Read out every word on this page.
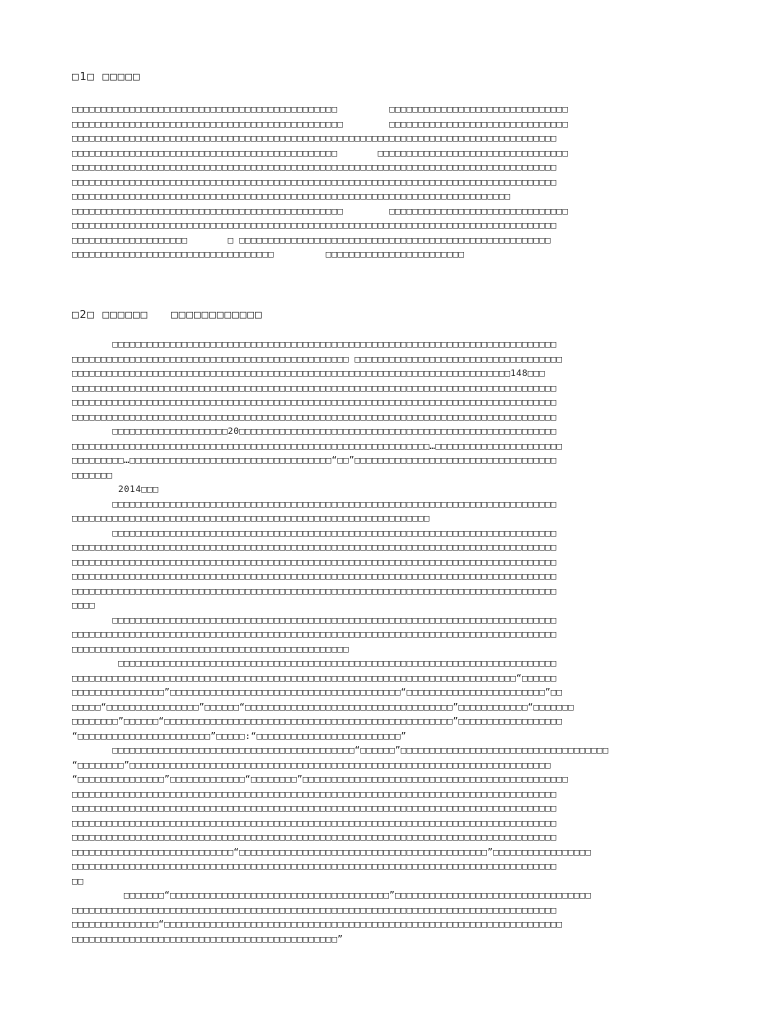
□1□ □□□□□
□□□□□□□□□□□□□□□□□□□□□□□□□□□□□□□□□□□□□□□□□□□□□□         □□□□□□□□□□□□□□□□□□□□□□□□□□□□□□□
□□□□□□□□□□□□□□□□□□□□□□□□□□□□□□□□□□□□□□□□□□□□□□□        □□□□□□□□□□□□□□□□□□□□□□□□□□□□□□□
□□□□□□□□□□□□□□□□□□□□□□□□□□□□□□□□□□□□□□□□□□□□□□□□□□□□□□□□□□□□□□□□□□□□□□□□□□□□□□□□□□□□
□□□□□□□□□□□□□□□□□□□□□□□□□□□□□□□□□□□□□□□□□□□□□□       □□□□□□□□□□□□□□□□□□□□□□□□□□□□□□□□□
□□□□□□□□□□□□□□□□□□□□□□□□□□□□□□□□□□□□□□□□□□□□□□□□□□□□□□□□□□□□□□□□□□□□□□□□□□□□□□□□□□□□
□□□□□□□□□□□□□□□□□□□□□□□□□□□□□□□□□□□□□□□□□□□□□□□□□□□□□□□□□□□□□□□□□□□□□□□□□□□□□□□□□□□□
□□□□□□□□□□□□□□□□□□□□□□□□□□□□□□□□□□□□□□□□□□□□□□□□□□□□□□□□□□□□□□□□□□□□□□□□□□□□
□□□□□□□□□□□□□□□□□□□□□□□□□□□□□□□□□□□□□□□□□□□□□□□        □□□□□□□□□□□□□□□□□□□□□□□□□□□□□□□
□□□□□□□□□□□□□□□□□□□□□□□□□□□□□□□□□□□□□□□□□□□□□□□□□□□□□□□□□□□□□□□□□□□□□□□□□□□□□□□□□□□□
□□□□□□□□□□□□□□□□□□□□       □ □□□□□□□□□□□□□□□□□□□□□□□□□□□□□□□□□□□□□□□□□□□□□□□□□□□□□□
□□□□□□□□□□□□□□□□□□□□□□□□□□□□□□□□□□□         □□□□□□□□□□□□□□□□□□□□□□□□
□2□ □□□□□□   □□□□□□□□□□□□
□□□□□□□□□□□□□□□□□□□□□□□□□□□□□□□□□□□□□□□□□□□□□□□□□□□□□□□□□□□□□□□□□□□□□□□□□□□□□
□□□□□□□□□□□□□□□□□□□□□□□□□□□□□□□□□□□□□□□□□□□□□□□□ □□□□□□□□□□□□□□□□□□□□□□□□□□□□□□□□□□□□
□□□□□□□□□□□□□□□□□□□□□□□□□□□□□□□□□□□□□□□□□□□□□□□□□□□□□□□□□□□□□□□□□□□□□□□□□□□□148□□□
□□□□□□□□□□□□□□□□□□□□□□□□□□□□□□□□□□□□□□□□□□□□□□□□□□□□□□□□□□□□□□□□□□□□□□□□□□□□□□□□□□□□
□□□□□□□□□□□□□□□□□□□□□□□□□□□□□□□□□□□□□□□□□□□□□□□□□□□□□□□□□□□□□□□□□□□□□□□□□□□□□□□□□□□□
□□□□□□□□□□□□□□□□□□□□□□□□□□□□□□□□□□□□□□□□□□□□□□□□□□□□□□□□□□□□□□□□□□□□□□□□□□□□□□□□□□□□
□□□□□□□□□□□□□□□□□□□□20□□□□□□□□□□□□□□□□□□□□□□□□□□□□□□□□□□□□□□□□□□□□□□□□□□□□□□□
□□□□□□□□□□□□□□□□□□□□□□□□□□□□□□□□□□□□□□□□□□□□□□□□□□□□□□□□□□□□□□…□□□□□□□□□□□□□□□□□□□□□□
□□□□□□□□□…□□□□□□□□□□□□□□□□□□□□□□□□□□□□□□□□□□□“□□”□□□□□□□□□□□□□□□□□□□□□□□□□□□□□□□□□□□
□□□□□□□
2014□□□
□□□□□□□□□□□□□□□□□□□□□□□□□□□□□□□□□□□□□□□□□□□□□□□□□□□□□□□□□□□□□□□□□□□□□□□□□□□□□
□□□□□□□□□□□□□□□□□□□□□□□□□□□□□□□□□□□□□□□□□□□□□□□□□□□□□□□□□□□□□□
□□□□□□□□□□□□□□□□□□□□□□□□□□□□□□□□□□□□□□□□□□□□□□□□□□□□□□□□□□□□□□□□□□□□□□□□□□□□□
□□□□□□□□□□□□□□□□□□□□□□□□□□□□□□□□□□□□□□□□□□□□□□□□□□□□□□□□□□□□□□□□□□□□□□□□□□□□□□□□□□□□
□□□□□□□□□□□□□□□□□□□□□□□□□□□□□□□□□□□□□□□□□□□□□□□□□□□□□□□□□□□□□□□□□□□□□□□□□□□□□□□□□□□□
□□□□□□□□□□□□□□□□□□□□□□□□□□□□□□□□□□□□□□□□□□□□□□□□□□□□□□□□□□□□□□□□□□□□□□□□□□□□□□□□□□□□
□□□□□□□□□□□□□□□□□□□□□□□□□□□□□□□□□□□□□□□□□□□□□□□□□□□□□□□□□□□□□□□□□□□□□□□□□□□□□□□□□□□□
□□□□
□□□□□□□□□□□□□□□□□□□□□□□□□□□□□□□□□□□□□□□□□□□□□□□□□□□□□□□□□□□□□□□□□□□□□□□□□□□□□
□□□□□□□□□□□□□□□□□□□□□□□□□□□□□□□□□□□□□□□□□□□□□□□□□□□□□□□□□□□□□□□□□□□□□□□□□□□□□□□□□□□□
□□□□□□□□□□□□□□□□□□□□□□□□□□□□□□□□□□□□□□□□□□□□□□□□
□□□□□□□□□□□□□□□□□□□□□□□□□□□□□□□□□□□□□□□□□□□□□□□□□□□□□□□□□□□□□□□□□□□□□□□□□□□□
□□□□□□□□□□□□□□□□□□□□□□□□□□□□□□□□□□□□□□□□□□□□□□□□□□□□□□□□□□□□□□□□□□□□□□□□□□□□□“□□□□□□
□□□□□□□□□□□□□□□□”□□□□□□□□□□□□□□□□□□□□□□□□□□□□□□□□□□□□□□□□“□□□□□□□□□□□□□□□□□□□□□□□□”□□
□□□□□“□□□□□□□□□□□□□□□□”□□□□□□“□□□□□□□□□□□□□□□□□□□□□□□□□□□□□□□□□□□□”□□□□□□□□□□□□“□□□□□□□
□□□□□□□□”□□□□□□“□□□□□□□□□□□□□□□□□□□□□□□□□□□□□□□□□□□□□□□□□□□□□□□□□□”□□□□□□□□□□□□□□□□□□
“□□□□□□□□□□□□□□□□□□□□□□□”□□□□□:“□□□□□□□□□□□□□□□□□□□□□□□□□”
□□□□□□□□□□□□□□□□□□□□□□□□□□□□□□□□□□□□□□□□□□“□□□□□□”□□□□□□□□□□□□□□□□□□□□□□□□□□□□□□□□□□□□
“□□□□□□□□”□□□□□□□□□□□□□□□□□□□□□□□□□□□□□□□□□□□□□□□□□□□□□□□□□□□□□□□□□□□□□□□□□□□□□□□□□
“□□□□□□□□□□□□□□□”□□□□□□□□□□□□□“□□□□□□□□”□□□□□□□□□□□□□□□□□□□□□□□□□□□□□□□□□□□□□□□□□□□□□□
□□□□□□□□□□□□□□□□□□□□□□□□□□□□□□□□□□□□□□□□□□□□□□□□□□□□□□□□□□□□□□□□□□□□□□□□□□□□□□□□□□□□
□□□□□□□□□□□□□□□□□□□□□□□□□□□□□□□□□□□□□□□□□□□□□□□□□□□□□□□□□□□□□□□□□□□□□□□□□□□□□□□□□□□□
□□□□□□□□□□□□□□□□□□□□□□□□□□□□□□□□□□□□□□□□□□□□□□□□□□□□□□□□□□□□□□□□□□□□□□□□□□□□□□□□□□□□
□□□□□□□□□□□□□□□□□□□□□□□□□□□□□□□□□□□□□□□□□□□□□□□□□□□□□□□□□□□□□□□□□□□□□□□□□□□□□□□□□□□□
□□□□□□□□□□□□□□□□□□□□□□□□□□□□“□□□□□□□□□□□□□□□□□□□□□□□□□□□□□□□□□□□□□□□□□□□”□□□□□□□□□□□□□□□□□
□□□□□□□□□□□□□□□□□□□□□□□□□□□□□□□□□□□□□□□□□□□□□□□□□□□□□□□□□□□□□□□□□□□□□□□□□□□□□□□□□□□□
□□
□□□□□□□“□□□□□□□□□□□□□□□□□□□□□□□□□□□□□□□□□□□□□□”□□□□□□□□□□□□□□□□□□□□□□□□□□□□□□□□□□
□□□□□□□□□□□□□□□□□□□□□□□□□□□□□□□□□□□□□□□□□□□□□□□□□□□□□□□□□□□□□□□□□□□□□□□□□□□□□□□□□□□□
□□□□□□□□□□□□□□□“□□□□□□□□□□□□□□□□□□□□□□□□□□□□□□□□□□□□□□□□□□□□□□□□□□□□□□□□□□□□□□□□□□□□□
□□□□□□□□□□□□□□□□□□□□□□□□□□□□□□□□□□□□□□□□□□□□□□”
